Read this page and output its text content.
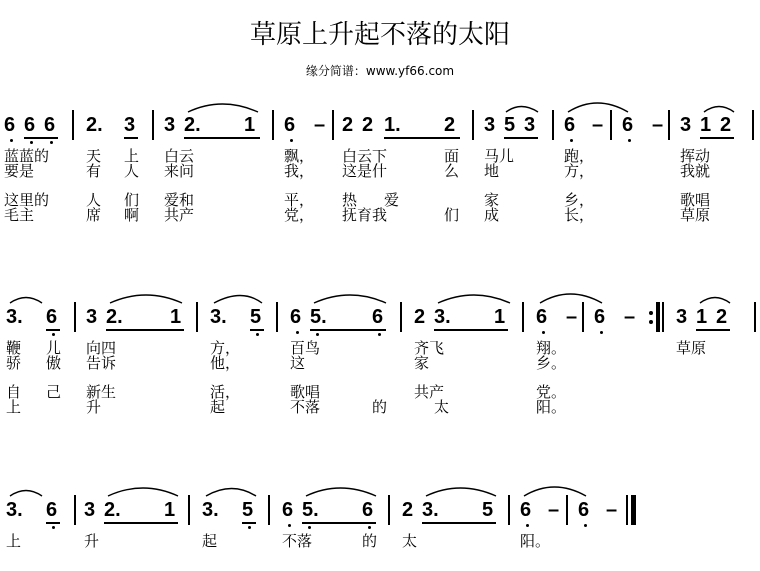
草原上升起不落的太阳
缘分简谱：www.yf66.com
6 6 6 2. 3 3 2. 1 6 – 2 2 1. 2 3 5 3 6 – 6 – 3 1 2
蓝蓝的 天 上 白云	飘， 白云下	面 马儿	跑，	挥动
要是	有 人 来问	我， 这是什	么 地	方，	我就
这里的 人 们 爱和	平， 热 爱	家	乡，	歌唱
毛主	席 啊 共产	党， 抚育我	们 成	长，	草原
3. 6 3 2. 1 3. 5 6 5. 6 2 3. 1 6 – 6 – 3 1 2
鞭 儿 向四	方，	百鸟	齐飞	翔。	草原
骄 傲 告诉	他，	这	家	乡。
自 己 新生	活，	歌唱	共产	党。
上	升	起	不落	的	太	阳。
3. 6 3 2. 1 3. 5 6 5. 6 2 3. 5 6 – 6 –
上	升	起	不落	的 太	阳。
